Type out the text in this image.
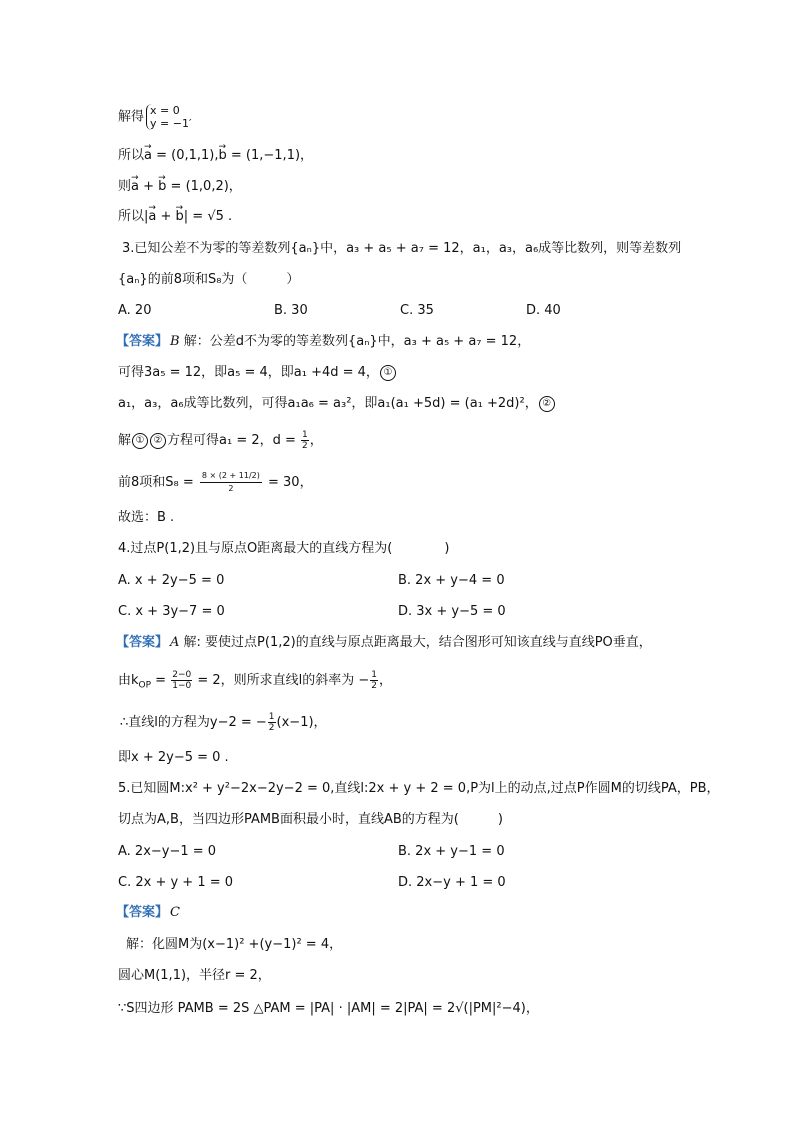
解得 x = 0
y = −1′
所以→ a = (0,1,1),→ b = (1,−1,1)，
则→ a + → b = (1,0,2)，
所以|→ a + → b| = √5 .
3.已知公差不为零的等差数列{aₙ}中，a₃ + a₅ + a₇ = 12，a₁，a₃，a₆成等比数列，则等差数列
{aₙ}的前8项和S₈为（　　　）
A. 20	B. 30	C. 35	D. 40
【答案】 B 解：公差d不为零的等差数列{aₙ}中，a₃ + a₅ + a₇ = 12，
可得3a₅ = 12，即a₅ = 4，即a₁ +4d = 4， ①
a₁，a₃，a₆成等比数列，可得a₁a₆ = a₃²，即a₁(a₁ +5d) = (a₁ +2d)²， ②
解 ① ② 方程可得a₁ = 2，$d = \frac{1}{2}$ ，
前8项和$S_8 = \frac{8 \times (2 + 11/2)}{2} = 30$，
故选：B .
4.过点P(1,2)且与原点O距离最大的直线方程为(　　　　)
A. x + 2y−5 = 0	B. 2x + y−4 = 0
C. x + 3y−7 = 0	D. 3x + y−5 = 0
【答案】 A 解: 要使过点P(1,2)的直线与原点距离最大，结合图形可知该直线与直线PO垂直，
由$k_{OP} = \frac{2-0}{1-0} = 2$，则所求直线l的斜率为 − $\frac{1}{2}$ ，
∴直线l的方程为y−2 = − $\frac{1}{2} (x-1)$，
即x + 2y−5 = 0 .
5.已知圆M:x² + y²−2x−2y−2 = 0,直线l:2x + y + 2 = 0,P为l上的动点,过点P作圆M的切线PA，PB，
切点为A,B，当四边形PAMB面积最小时，直线AB的方程为(　　　)
A. 2x−y−1 = 0	B. 2x + y−1 = 0
C. 2x + y + 1 = 0	D. 2x−y + 1 = 0
【答案】 C
解：化圆M为(x−1)² +(y−1)² = 4，
圆心M(1,1)，半径r = 2，
∵S四边形 PAMB = 2S △PAM = |PA| · |AM| = 2|PA| = 2√(|PM|²−4)，
